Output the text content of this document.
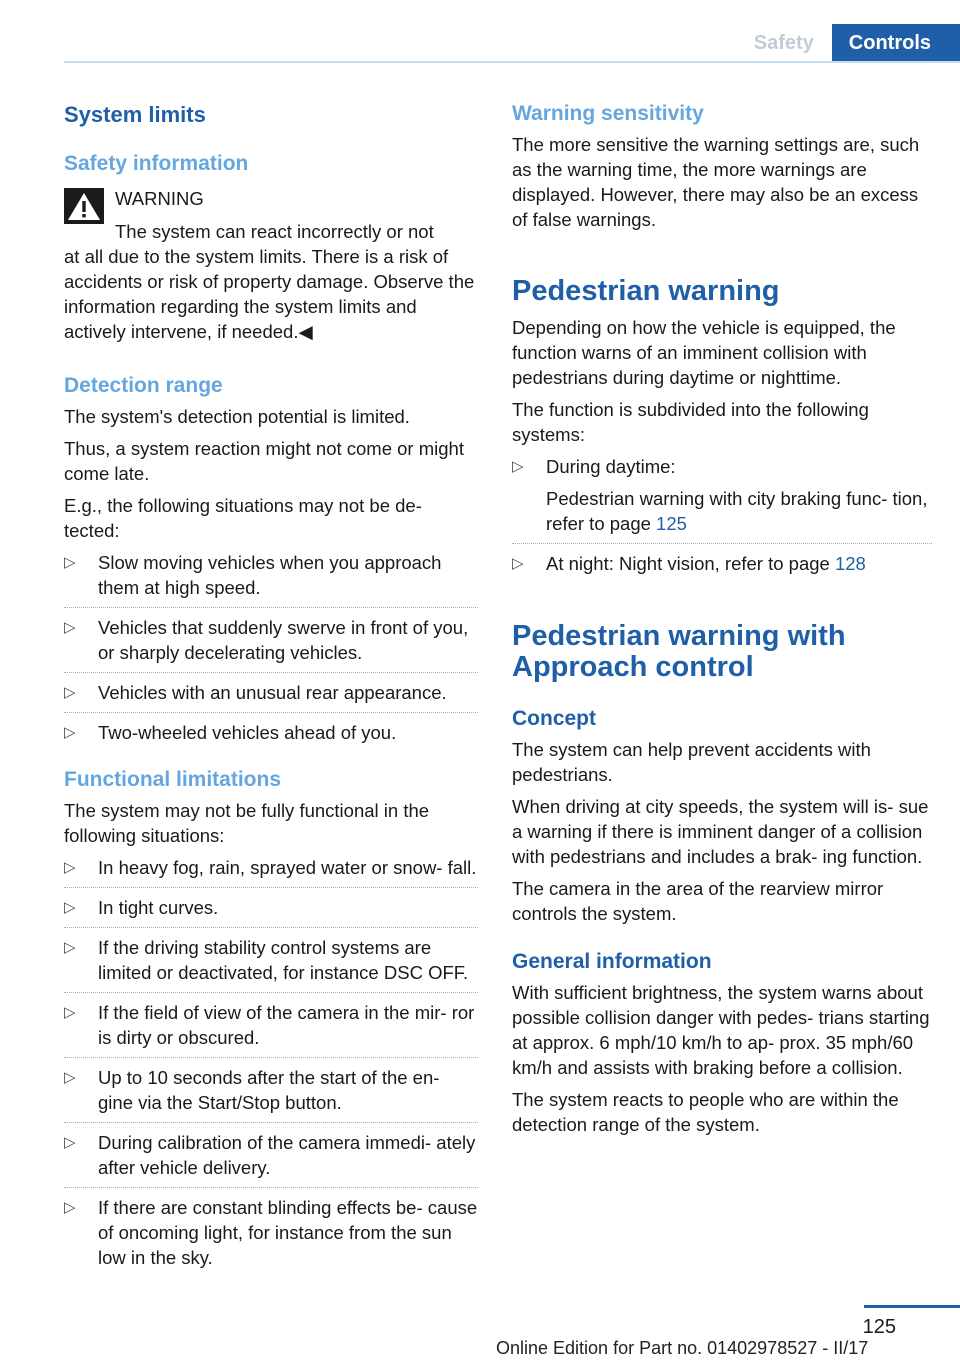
Safety	Controls
System limits
Safety information
WARNING

The system can react incorrectly or not
at all due to the system limits. There is a risk of accidents or risk of property damage. Observe the information regarding the system limits and actively intervene, if needed.◀

Detection range

The system's detection potential is limited.

Thus, a system reaction might not come or might come late.

E.g., the following situations may not be de‐ tected:

▷ Slow moving vehicles when you approach them at high speed.
▷ Vehicles that suddenly swerve in front of you, or sharply decelerating vehicles.
▷ Vehicles with an unusual rear appearance.
▷ Two-wheeled vehicles ahead of you.
Functional limitations

The system may not be fully functional in the following situations:

▷ In heavy fog, rain, sprayed water or snow‐ fall.
▷ In tight curves.
▷ If the driving stability control systems are limited or deactivated, for instance DSC OFF.
▷ If the field of view of the camera in the mir‐ ror is dirty or obscured.
▷ Up to 10 seconds after the start of the en‐ gine via the Start/Stop button.
▷ During calibration of the camera immedi‐ ately after vehicle delivery.
▷ If there are constant blinding effects be‐ cause of oncoming light, for instance from the sun low in the sky.
Warning sensitivity

The more sensitive the warning settings are, such as the warning time, the more warnings are displayed. However, there may also be an excess of false warnings.

Pedestrian warning

Depending on how the vehicle is equipped, the function warns of an imminent collision with pedestrians during daytime or nighttime.

The function is subdivided into the following systems:

▷ During daytime:
Pedestrian warning with city braking func‐ tion, refer to page 125
▷ At night: Night vision, refer to page 128
Pedestrian warning with Approach control
Concept

The system can help prevent accidents with pedestrians.

When driving at city speeds, the system will is‐ sue a warning if there is imminent danger of a collision with pedestrians and includes a brak‐ ing function.

The camera in the area of the rearview mirror controls the system.

General information

With sufficient brightness, the system warns about possible collision danger with pedes‐ trians starting at approx. 6 mph/10 km/h to ap‐ prox. 35 mph/60 km/h and assists with braking before a collision.

The system reacts to people who are within the detection range of the system.

125
Online Edition for Part no. 01402978527 - II/17
